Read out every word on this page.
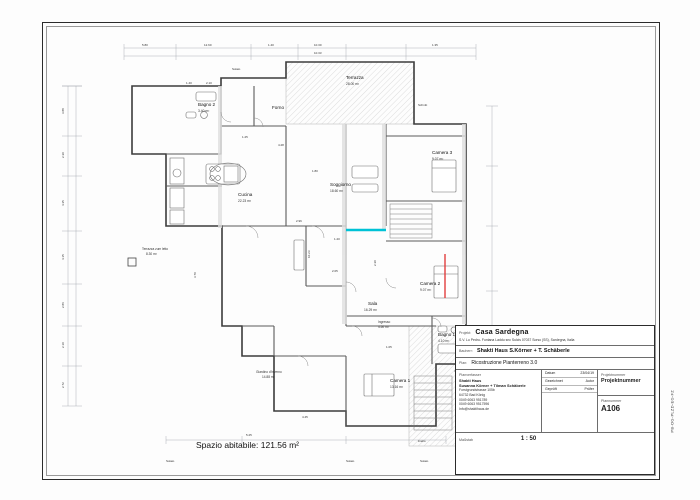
5.80	12.60	1.40
10.33
10.30	1.35
3.88
2.30
4.35
4.15
2.86
2.10
2.72
Bagno 2
3.40 m²
Forno
Terrazza
28.00 m²
Cucina
22.23 m²
Soggiorno
18.60 m²
Camera 3
9.07 m²
Camera 2
9.07 m²
Sala
16.29 m²
Ingresso
4.50 m²
Bagno 1
4.10 m²
Camera 1
13.16 m²
Giardino d'inverno
14.88 m²
Terrazza zum letto
8.30 m²
1.40	2.10
1.25
4.28
1.80
2.96
10.23
4.45
5.25
3.70
1.20
2.05
1.05
2.30
Solaio
Schnitt
livello
Solaio	Solaio
Solaio
Spazio abitabile: 121.56 m²
PB-OG-PLZD-EG-FZ
Projekt: Casa Sardegna
S.V. Lu Pedru- Funtana Laddu snc Sulcis 07037 Sorso (SS), Sardegna, Italia
Bauherr: Shakti Haus S.Körner + T. Schäberle
Plan: Ricostruzione Pianterreno 3.0
Planverfasser
Shakti Haus
Susanna Körner + Tilman Schäberle
Forstgrundstrasse 105b
64732 Bad König
0049 6063 951789
0049 6063 9517596
Info@shaktihaus.de
Datum	23/04/19
Gezeichnet	Autor
Geprüft	Prüfer
Projektnummer
Projektnummer
Plannummer
A106
Maßstab	1 : 50
